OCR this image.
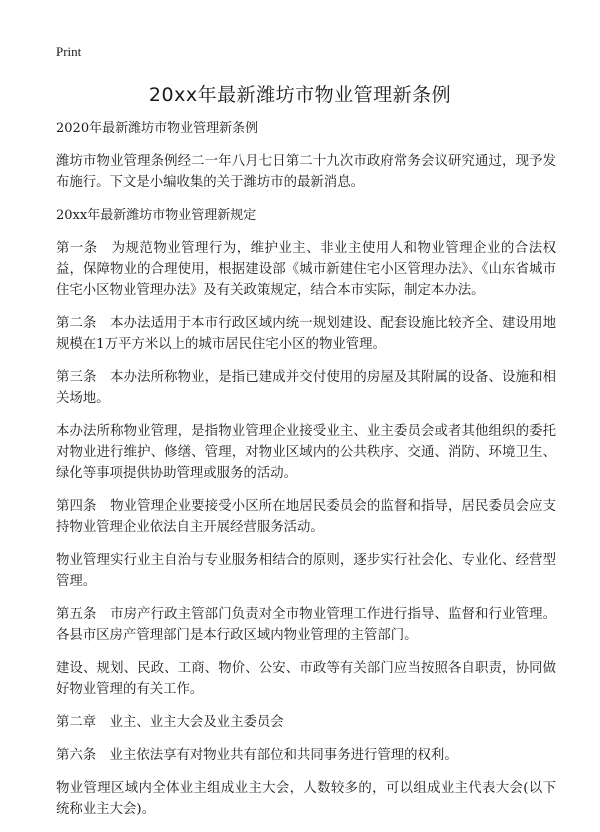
Print
20xx年最新潍坊市物业管理新条例

2020年最新潍坊市物业管理新条例

潍坊市物业管理条例经二一年八月七日第二十九次市政府常务会议研究通过，现予发布施行。下文是小编收集的关于潍坊市的最新消息。

20xx年最新潍坊市物业管理新规定

第一条　为规范物业管理行为，维护业主、非业主使用人和物业管理企业的合法权益，保障物业的合理使用，根据建设部《城市新建住宅小区管理办法》、《山东省城市住宅小区物业管理办法》及有关政策规定，结合本市实际，制定本办法。

第二条　本办法适用于本市行政区域内统一规划建设、配套设施比较齐全、建设用地规模在1万平方米以上的城市居民住宅小区的物业管理。

第三条　本办法所称物业，是指已建成并交付使用的房屋及其附属的设备、设施和相关场地。

本办法所称物业管理，是指物业管理企业接受业主、业主委员会或者其他组织的委托对物业进行维护、修缮、管理，对物业区域内的公共秩序、交通、消防、环境卫生、绿化等事项提供协助管理或服务的活动。

第四条　物业管理企业要接受小区所在地居民委员会的监督和指导，居民委员会应支持物业管理企业依法自主开展经营服务活动。

物业管理实行业主自治与专业服务相结合的原则，逐步实行社会化、专业化、经营型管理。

第五条　市房产行政主管部门负责对全市物业管理工作进行指导、监督和行业管理。各县市区房产管理部门是本行政区域内物业管理的主管部门。

建设、规划、民政、工商、物价、公安、市政等有关部门应当按照各自职责，协同做好物业管理的有关工作。

第二章　业主、业主大会及业主委员会

第六条　业主依法享有对物业共有部位和共同事务进行管理的权利。

物业管理区域内全体业主组成业主大会，人数较多的，可以组成业主代表大会(以下统称业主大会)。
